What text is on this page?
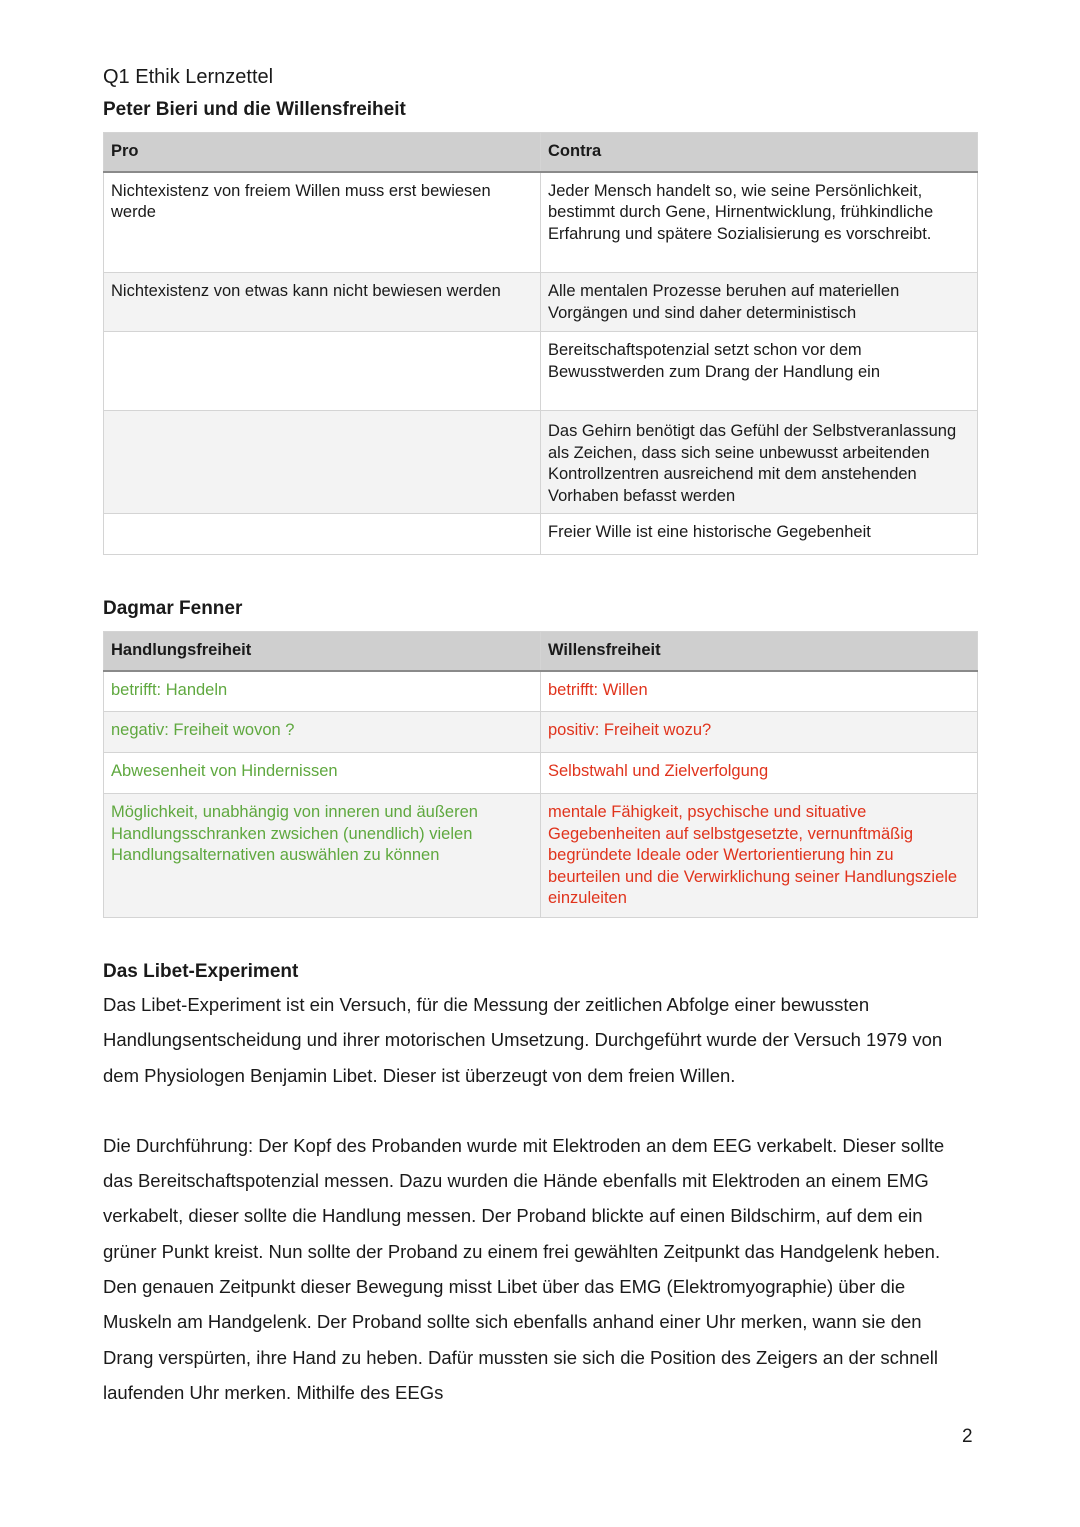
Q1 Ethik Lernzettel
Peter Bieri und die Willensfreiheit
Pro	Contra
Nichtexistenz von freiem Willen muss erst bewiesen werde	Jeder Mensch handelt so, wie seine Persönlichkeit, bestimmt durch Gene, Hirnentwicklung, frühkindliche Erfahrung und spätere Sozialisierung es vorschreibt.
Nichtexistenz von etwas kann nicht bewiesen werden	Alle mentalen Prozesse beruhen auf materiellen Vorgängen und sind daher deterministisch
	Bereitschaftspotenzial setzt schon vor dem Bewusstwerden zum Drang der Handlung ein
	Das Gehirn benötigt das Gefühl der Selbstveranlassung als Zeichen, dass sich seine unbewusst arbeitenden Kontrollzentren ausreichend mit dem anstehenden Vorhaben befasst werden
	Freier Wille ist eine historische Gegebenheit
Dagmar Fenner
Handlungsfreiheit	Willensfreiheit
betrifft: Handeln	betrifft: Willen
negativ: Freiheit wovon ?	positiv: Freiheit wozu?
Abwesenheit von Hindernissen	Selbstwahl und Zielverfolgung
Möglichkeit, unabhängig von inneren und äußeren Handlungsschranken zwsichen (unendlich) vielen Handlungsalternativen auswählen zu können	mentale Fähigkeit, psychische und situative Gegebenheiten auf selbstgesetzte, vernunftmäßig begründete Ideale oder Wertorientierung hin zu beurteilen und die Verwirklichung seiner Handlungsziele einzuleiten
Das Libet-Experiment

Das Libet-Experiment ist ein Versuch, für die Messung der zeitlichen Abfolge einer bewussten Handlungsentscheidung und ihrer motorischen Umsetzung. Durchgeführt wurde der Versuch 1979 von dem Physiologen Benjamin Libet. Dieser ist überzeugt von dem freien Willen.

Die Durchführung: Der Kopf des Probanden wurde mit Elektroden an dem EEG verkabelt. Dieser sollte das Bereitschaftspotenzial messen. Dazu wurden die Hände ebenfalls mit Elektroden an einem EMG verkabelt, dieser sollte die Handlung messen. Der Proband blickte auf einen Bildschirm, auf dem ein grüner Punkt kreist. Nun sollte der Proband zu einem frei gewählten Zeitpunkt das Handgelenk heben. Den genauen Zeitpunkt dieser Bewegung misst Libet über das EMG (Elektromyographie) über die Muskeln am Handgelenk. Der Proband sollte sich ebenfalls anhand einer Uhr merken, wann sie den Drang verspürten, ihre Hand zu heben. Dafür mussten sie sich die Position des Zeigers an der schnell laufenden Uhr merken. Mithilfe des EEGs

2
